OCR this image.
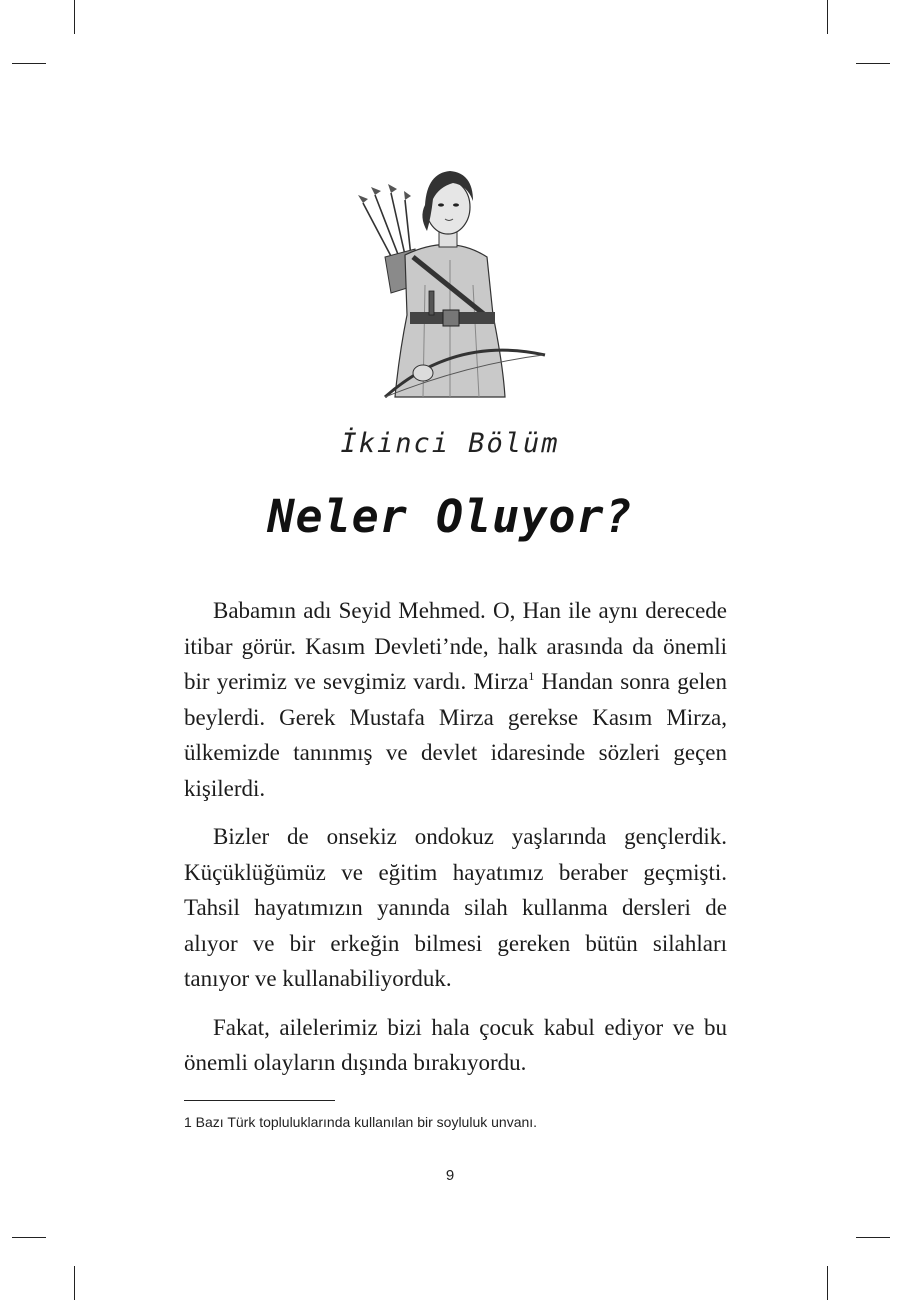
İkinci Bölüm
Neler Oluyor?

Babamın adı Seyid Mehmed. O, Han ile aynı derecede itibar görür. Kasım Devleti’nde, halk arasında da önemli bir yerimiz ve sevgimiz vardı. Mirza$^1$ Handan sonra gelen beylerdi. Gerek Mustafa Mirza gerekse Kasım Mirza, ülkemizde tanınmış ve devlet idaresinde sözleri geçen kişilerdi.

Bizler de onsekiz ondokuz yaşlarında gençlerdik. Küçüklüğümüz ve eğitim hayatımız beraber geçmişti. Tahsil hayatımızın yanında silah kullanma dersleri de alıyor ve bir erkeğin bilmesi gereken bütün silahları tanıyor ve kullanabiliyorduk.

Fakat, ailelerimiz bizi hala çocuk kabul ediyor ve bu önemli olayların dışında bırakıyordu.

1 Bazı Türk topluluklarında kullanılan bir soyluluk unvanı.
9
